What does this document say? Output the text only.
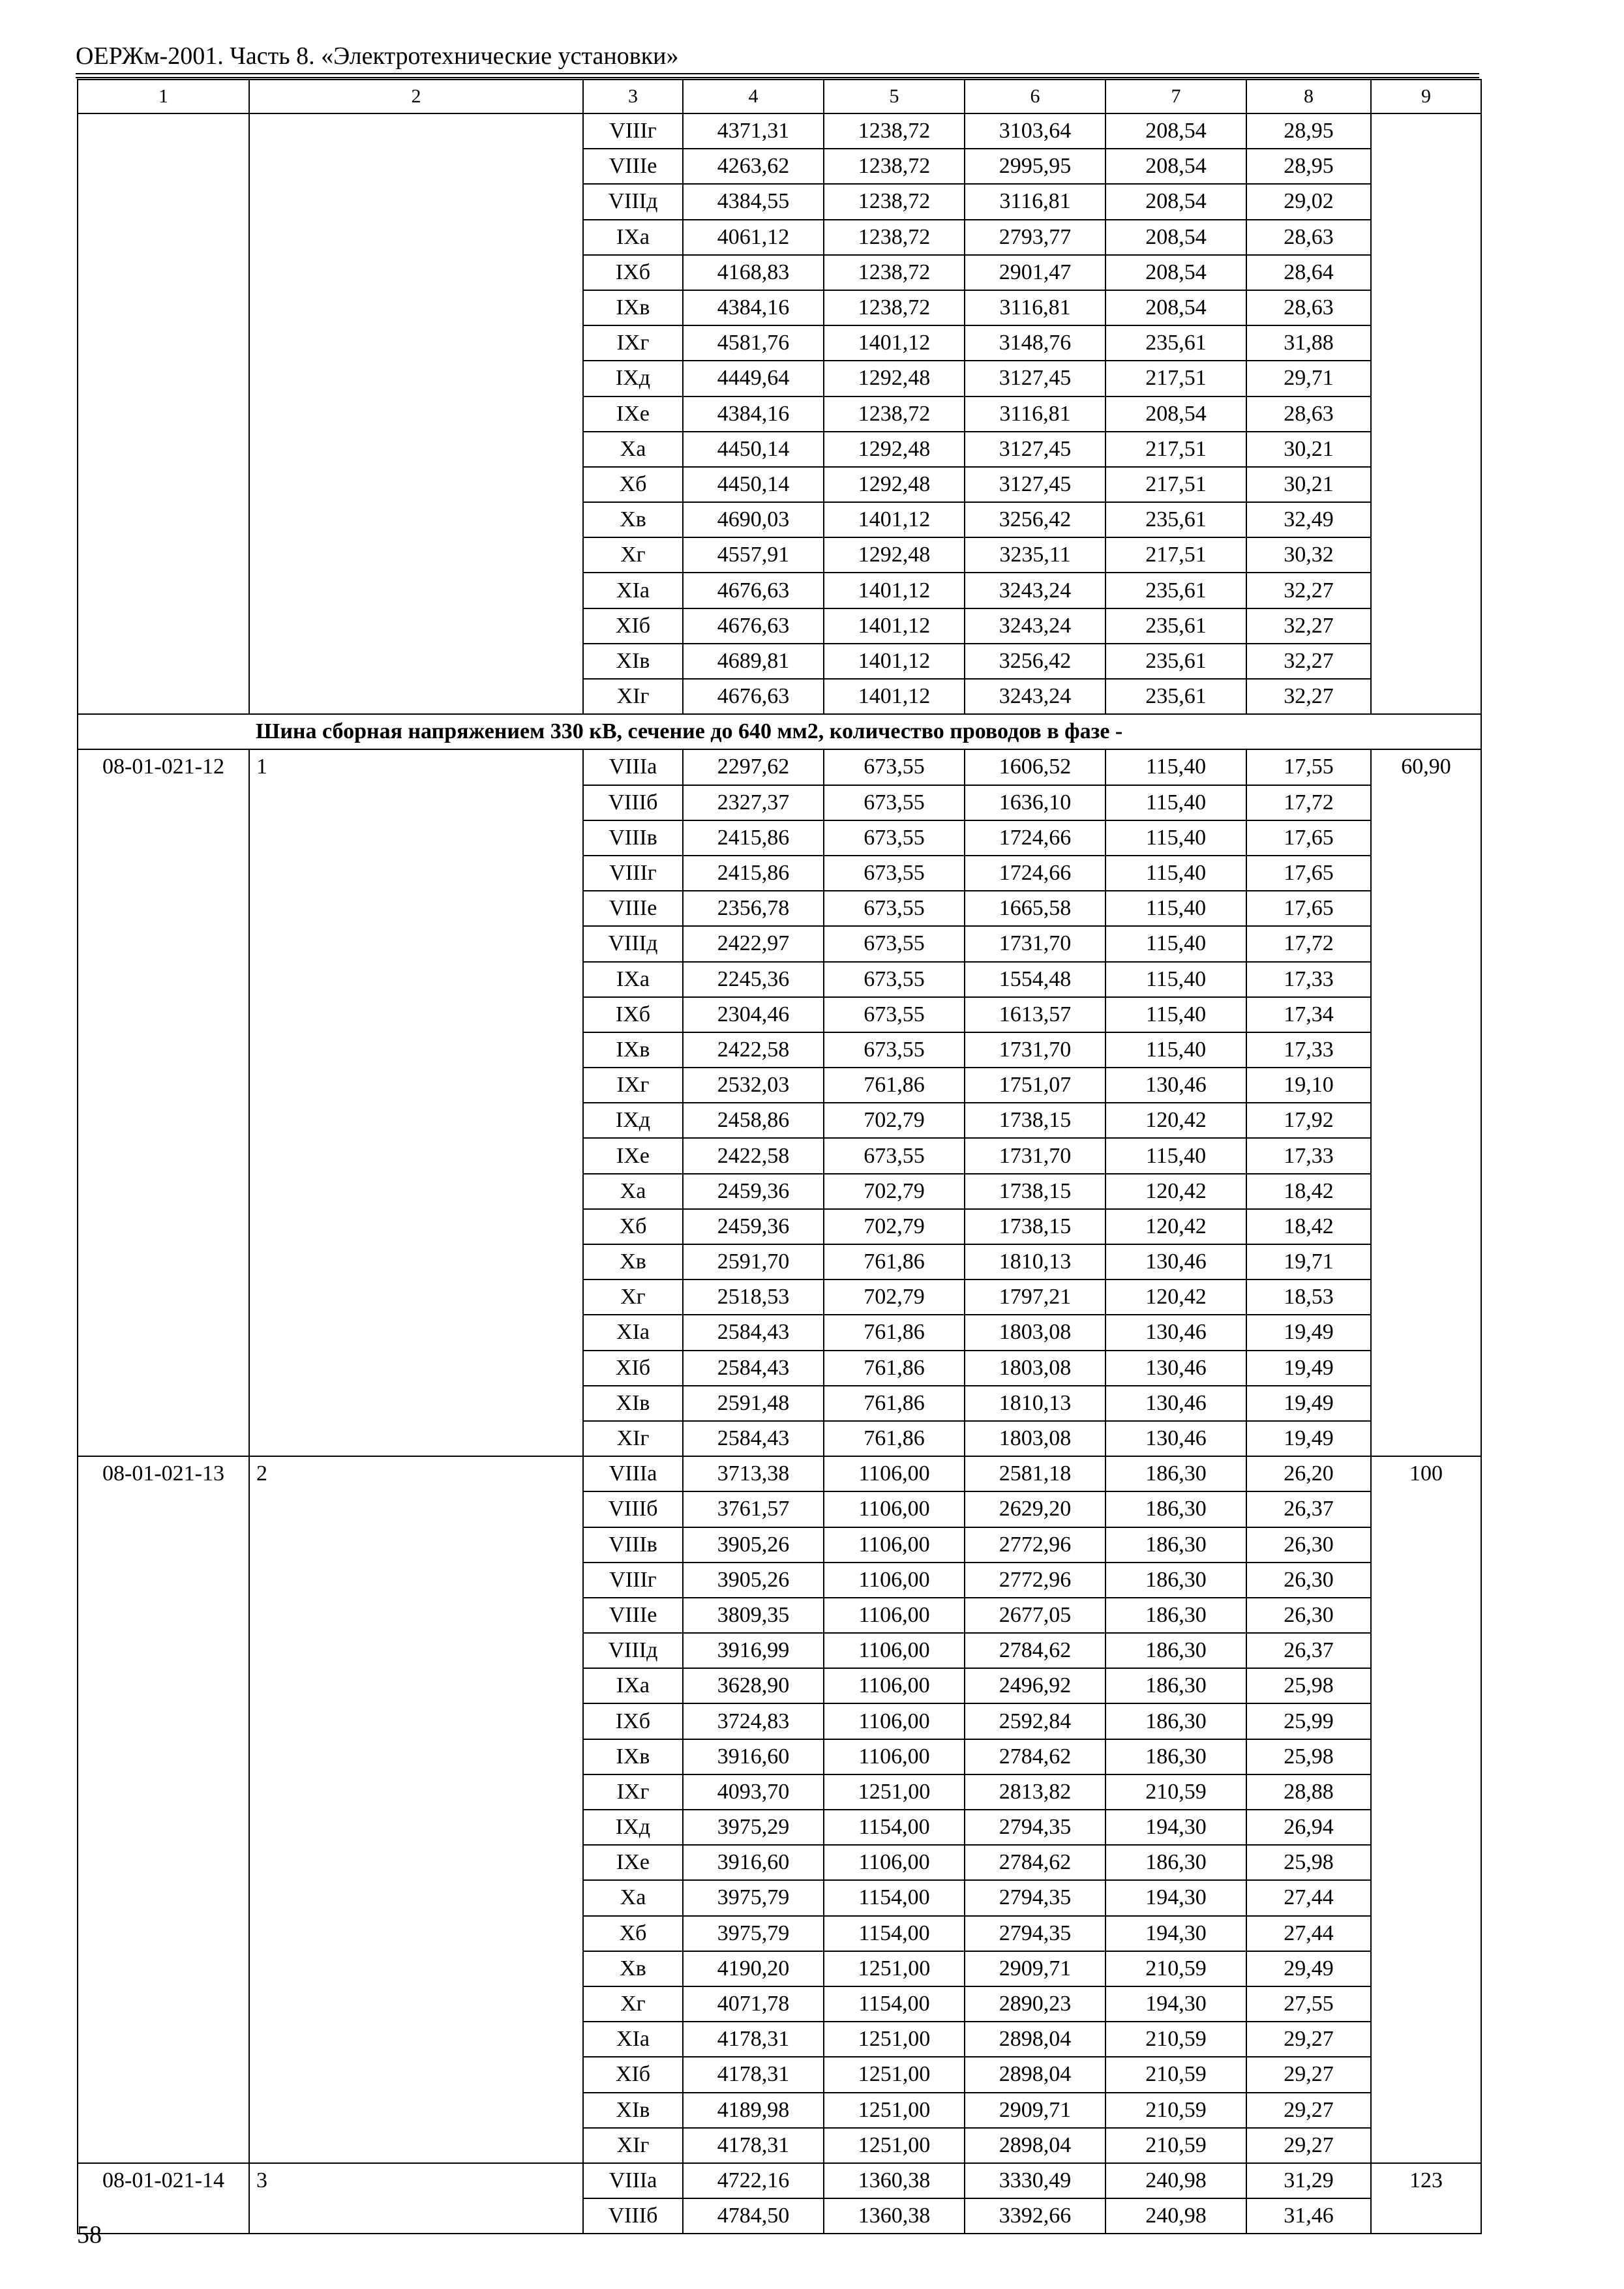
ОЕРЖм-2001. Часть 8. «Электротехнические установки»
1	2	3	4	5	6	7	8	9
		VIIIг	4371,31	1238,72	3103,64	208,54	28,95	
		VIIIe	4263,62	1238,72	2995,95	208,54	28,95	
		VIIIд	4384,55	1238,72	3116,81	208,54	29,02	
		IXa	4061,12	1238,72	2793,77	208,54	28,63	
		IXб	4168,83	1238,72	2901,47	208,54	28,64	
		IXв	4384,16	1238,72	3116,81	208,54	28,63	
		IXг	4581,76	1401,12	3148,76	235,61	31,88	
		IXд	4449,64	1292,48	3127,45	217,51	29,71	
		IXe	4384,16	1238,72	3116,81	208,54	28,63	
		Xa	4450,14	1292,48	3127,45	217,51	30,21	
		Xб	4450,14	1292,48	3127,45	217,51	30,21	
		Xв	4690,03	1401,12	3256,42	235,61	32,49	
		Xг	4557,91	1292,48	3235,11	217,51	30,32	
		XIa	4676,63	1401,12	3243,24	235,61	32,27	
		XIб	4676,63	1401,12	3243,24	235,61	32,27	
		XIв	4689,81	1401,12	3256,42	235,61	32,27	
		XIг	4676,63	1401,12	3243,24	235,61	32,27	
Шина сборная напряжением 330 кВ, сечение до 640 мм2, количество проводов в фазе -								
08-01-021-12	1	VIIIa	2297,62	673,55	1606,52	115,40	17,55	60,90
		VIIIб	2327,37	673,55	1636,10	115,40	17,72	
		VIIIв	2415,86	673,55	1724,66	115,40	17,65	
		VIIIг	2415,86	673,55	1724,66	115,40	17,65	
		VIIIe	2356,78	673,55	1665,58	115,40	17,65	
		VIIIд	2422,97	673,55	1731,70	115,40	17,72	
		IXa	2245,36	673,55	1554,48	115,40	17,33	
		IXб	2304,46	673,55	1613,57	115,40	17,34	
		IXв	2422,58	673,55	1731,70	115,40	17,33	
		IXг	2532,03	761,86	1751,07	130,46	19,10	
		IXд	2458,86	702,79	1738,15	120,42	17,92	
		IXe	2422,58	673,55	1731,70	115,40	17,33	
		Xa	2459,36	702,79	1738,15	120,42	18,42	
		Xб	2459,36	702,79	1738,15	120,42	18,42	
		Xв	2591,70	761,86	1810,13	130,46	19,71	
		Xг	2518,53	702,79	1797,21	120,42	18,53	
		XIa	2584,43	761,86	1803,08	130,46	19,49	
		XIб	2584,43	761,86	1803,08	130,46	19,49	
		XIв	2591,48	761,86	1810,13	130,46	19,49	
		XIг	2584,43	761,86	1803,08	130,46	19,49	
08-01-021-13	2	VIIIa	3713,38	1106,00	2581,18	186,30	26,20	100
		VIIIб	3761,57	1106,00	2629,20	186,30	26,37	
		VIIIв	3905,26	1106,00	2772,96	186,30	26,30	
		VIIIг	3905,26	1106,00	2772,96	186,30	26,30	
		VIIIe	3809,35	1106,00	2677,05	186,30	26,30	
		VIIIд	3916,99	1106,00	2784,62	186,30	26,37	
		IXa	3628,90	1106,00	2496,92	186,30	25,98	
		IXб	3724,83	1106,00	2592,84	186,30	25,99	
		IXв	3916,60	1106,00	2784,62	186,30	25,98	
		IXг	4093,70	1251,00	2813,82	210,59	28,88	
		IXд	3975,29	1154,00	2794,35	194,30	26,94	
		IXe	3916,60	1106,00	2784,62	186,30	25,98	
		Xa	3975,79	1154,00	2794,35	194,30	27,44	
		Xб	3975,79	1154,00	2794,35	194,30	27,44	
		Xв	4190,20	1251,00	2909,71	210,59	29,49	
		Xг	4071,78	1154,00	2890,23	194,30	27,55	
		XIa	4178,31	1251,00	2898,04	210,59	29,27	
		XIб	4178,31	1251,00	2898,04	210,59	29,27	
		XIв	4189,98	1251,00	2909,71	210,59	29,27	
		XIг	4178,31	1251,00	2898,04	210,59	29,27	
08-01-021-14	3	VIIIa	4722,16	1360,38	3330,49	240,98	31,29	123
		VIIIб	4784,50	1360,38	3392,66	240,98	31,46	
58
